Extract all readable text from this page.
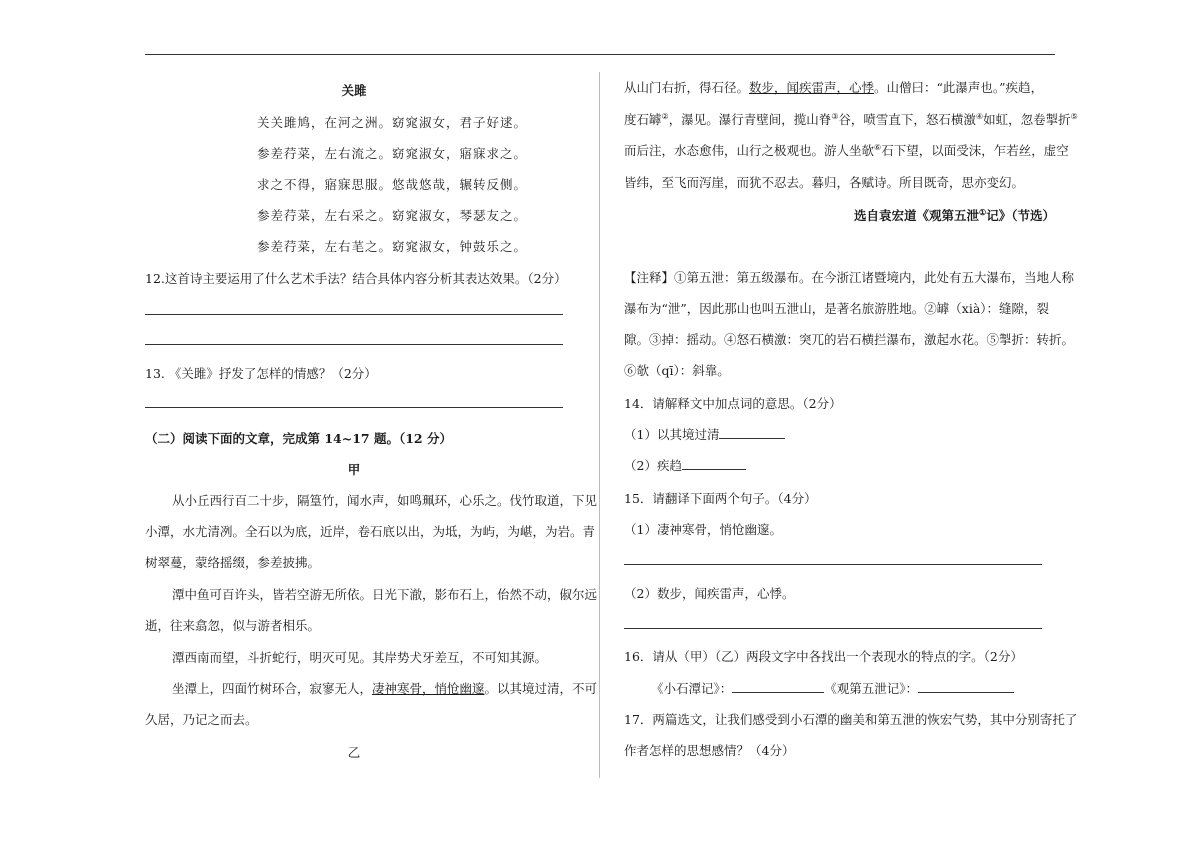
关雎
关关雎鸠，在河之洲。窈窕淑女，君子好逑。
参差荇菜，左右流之。窈窕淑女，寤寐求之。
求之不得，寤寐思服。悠哉悠哉，辗转反侧。
参差荇菜，左右采之。窈窕淑女，琴瑟友之。
参差荇菜，左右芼之。窈窕淑女，钟鼓乐之。
12.这首诗主要运用了什么艺术手法？结合具体内容分析其表达效果。（2分）
13. 《关雎》抒发了怎样的情感？（2分）
（二）阅读下面的文章，完成第 14~17 题。（12 分）
甲
从小丘西行百二十步，隔篁竹，闻水声，如鸣珮环，心乐之。伐竹取道，下见
小潭，水尤清冽。全石以为底，近岸，卷石底以出，为坻，为屿，为嵁，为岩。青
树翠蔓，蒙络摇缀，参差披拂。
潭中鱼可百许头，皆若空游无所依。日光下澈，影布石上，佁然不动，俶尔远
逝，往来翕忽，似与游者相乐。
潭西南而望，斗折蛇行，明灭可见。其岸势犬牙差互，不可知其源。
坐潭上，四面竹树环合，寂寥无人，凄神寒骨，悄怆幽邃。以其境过清，不可
久居，乃记之而去。
乙
从山门右折，得石径。数步，闻疾雷声，心悸。山僧曰：“此瀑声也。”疾趋，
度石罅②，瀑见。瀑行青壁间，揽山脊③谷，喷雪直下，怒石横激④如虹，忽卷掣折⑤
而后注，水态愈伟，山行之极观也。游人坐欹⑥石下望，以面受沫，乍若丝，虚空
皆纬，至飞而泻崖，而犹不忍去。暮归，各赋诗。所目既奇，思亦变幻。
选自袁宏道《观第五泄①记》（节选）
【注释】①第五泄：第五级瀑布。在今浙江诸暨境内，此处有五大瀑布，当地人称
瀑布为“泄”，因此那山也叫五泄山，是著名旅游胜地。②罅（xià）：缝隙，裂
隙。③掉：摇动。④怒石横激：突兀的岩石横拦瀑布，激起水花。⑤掣折：转折。
⑥欹（qī）：斜靠。
14．请解释文中加点词的意思。（2分）
（1）以其境过清
（2）疾趋
15．请翻译下面两个句子。（4分）
（1）凄神寒骨，悄怆幽邃。
（2）数步，闻疾雷声，心悸。
16．请从（甲）（乙）两段文字中各找出一个表现水的特点的字。（2分）
《小石潭记》：	《观第五泄记》：
17．两篇选文，让我们感受到小石潭的幽美和第五泄的恢宏气势，其中分别寄托了
作者怎样的思想感情？（4分）
